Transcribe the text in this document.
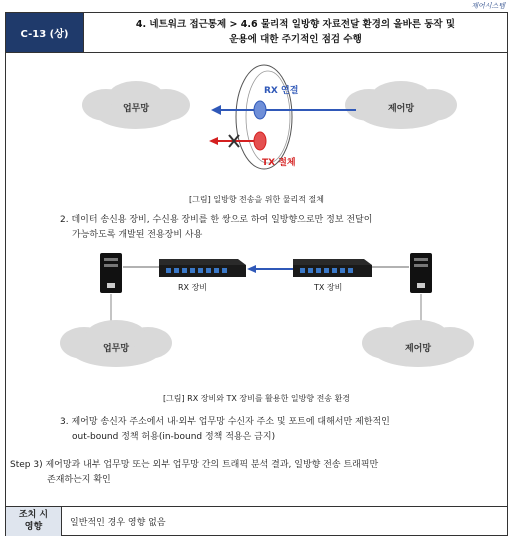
제어시스템
C-13 (상)
4. 네트워크 접근통제 > 4.6 물리적 일방향 자료전달 환경의 올바른 동작 및
운용에 대한 주기적인 점검 수행
업무망	제어망
RX 연결
TX 절체
[그림] 일방향 전송을 위한 물리적 절체
2. 데이터 송신용 장비, 수신용 장비를 한 쌍으로 하여 일방향으로만 정보 전달이
가능하도록 개발된 전용장비 사용
RX 장비	TX 장비
업무망	제어망
[그림] RX 장비와 TX 장비를 활용한 일방향 전송 환경
3. 제어망 송신자 주소에서 내·외부 업무망 수신자 주소 및 포트에 대해서만 제한적인
out-bound 정책 허용(in-bound 정책 적용은 금지)
Step 3) 제어망과 내부 업무망 또는 외부 업무망 간의 트래픽 분석 결과, 일방향 전송 트래픽만
존재하는지 확인
조치 시
영향	일반적인 경우 영향 없음
